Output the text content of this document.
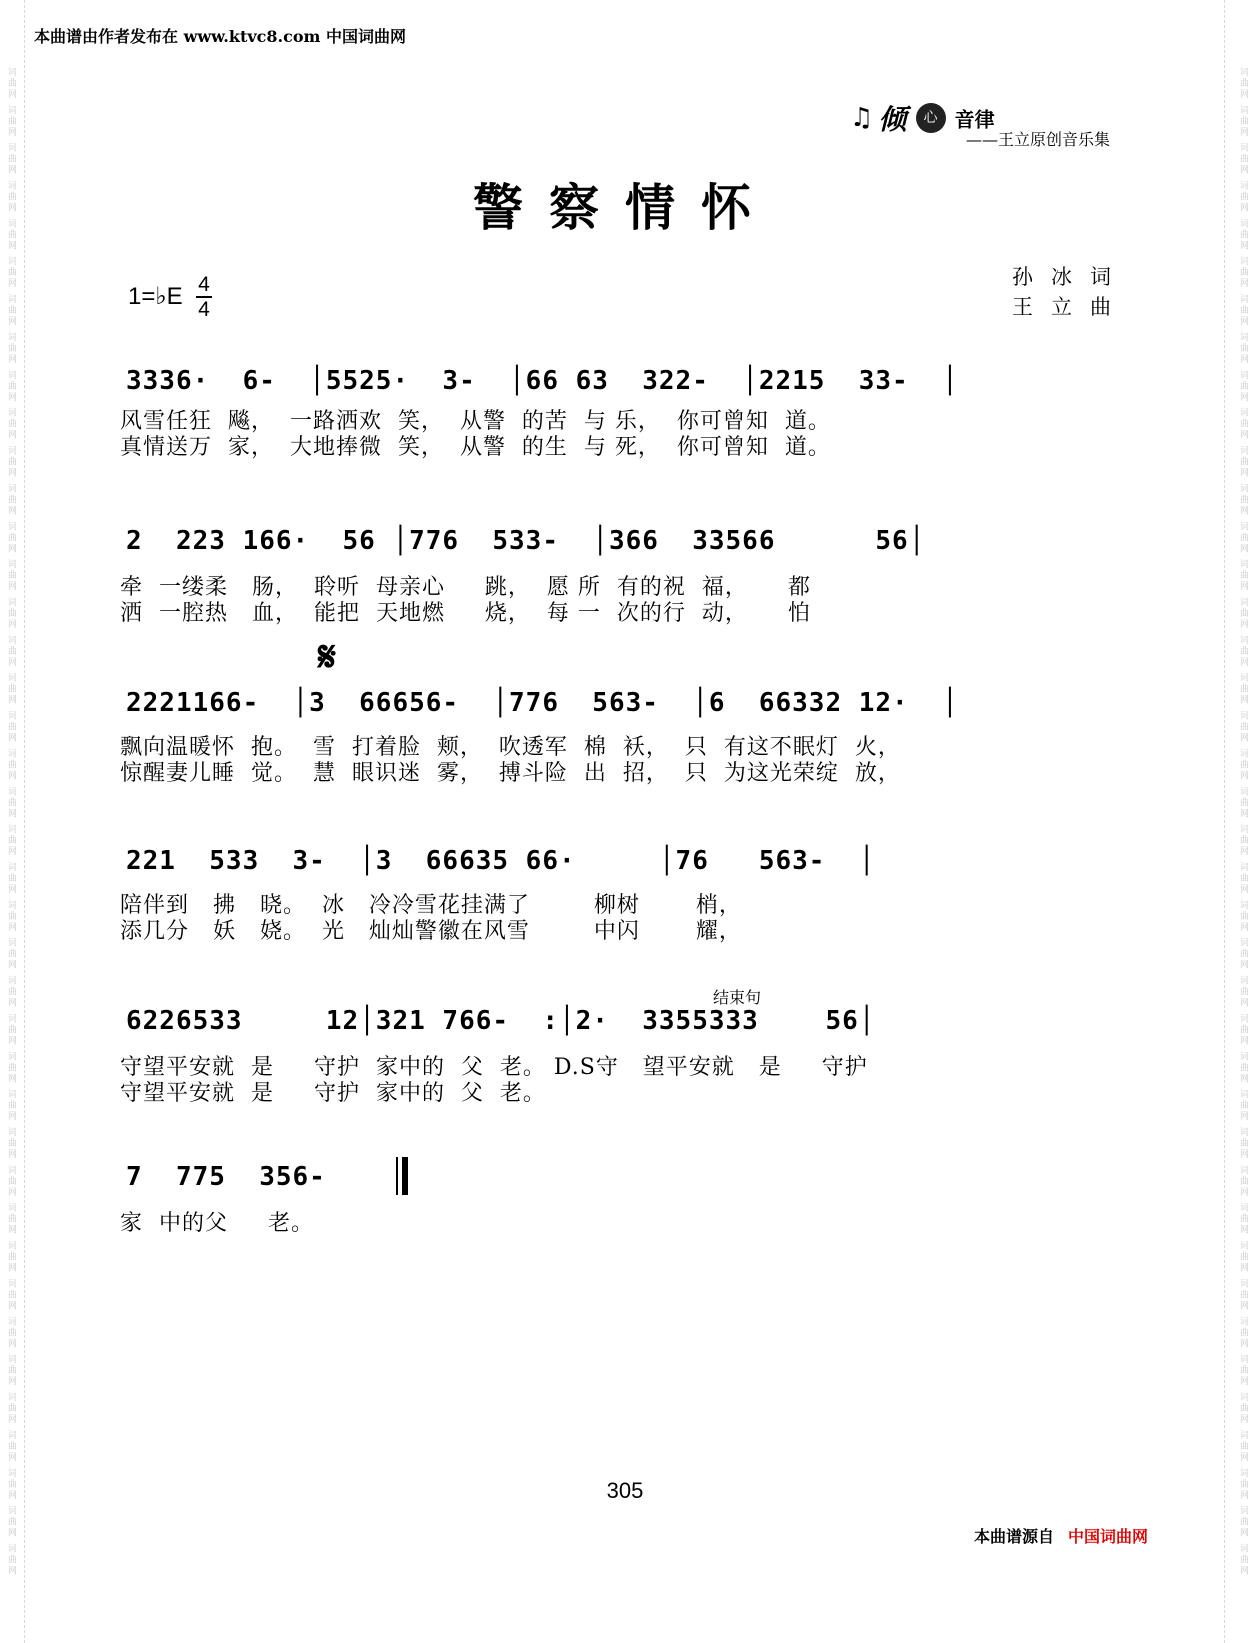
词曲网 词曲网 词曲网 词曲网 词曲网 词曲网 词曲网 词曲网 词曲网 词曲网 词曲网 词曲网 词曲网 词曲网 词曲网 词曲网 词曲网 词曲网 词曲网 词曲网 词曲网 词曲网 词曲网 词曲网 词曲网 词曲网 词曲网 词曲网 词曲网 词曲网 词曲网 词曲网 词曲网 词曲网 词曲网 词曲网 词曲网 词曲网 词曲网 词曲网	词曲网 词曲网 词曲网 词曲网 词曲网 词曲网 词曲网 词曲网 词曲网 词曲网 词曲网 词曲网 词曲网 词曲网 词曲网 词曲网 词曲网 词曲网 词曲网 词曲网 词曲网 词曲网 词曲网 词曲网 词曲网 词曲网 词曲网 词曲网 词曲网 词曲网 词曲网 词曲网 词曲网 词曲网 词曲网 词曲网 词曲网 词曲网 词曲网 词曲网
本曲谱由作者发布在 www.ktvc8.com 中国词曲网
♫ 倾 心 音律
——王立原创音乐集
警察情怀
1=♭E 4
4
孙冰词
王立曲
3336·  6-  │5525·  3-  │66 63  322-  │2215  33-  │
风雪任狂  飚，  一路洒欢  笑，  从警  的苦  与 乐，  你可曾知  道。
真情送万  家，  大地捧微  笑，  从警  的生  与 死，  你可曾知  道。
2  223 166·  56 │776  533-  │366  33566      56│
牵  一缕柔   肠，  聆听  母亲心     跳，  愿 所  有的祝  福，     都
洒  一腔热   血，  能把  天地燃     烧，  每 一  次的行  动，     怕
𝄋
2221166-  │3  66656-  │776  563-  │6  66332 12·  │
飘向温暖怀  抱。  雪  打着脸  颊，  吹透军  棉  袄，  只  有这不眠灯  火，
惊醒妻儿睡  觉。  慧  眼识迷  雾，  搏斗险  出  招，  只  为这光荣绽  放，
221  533  3-  │3  66635 66·     │76   563-  │
陪伴到   拂   晓。  冰   冷冷雪花挂满了        柳树       梢，
添几分   妖   娆。  光   灿灿警徽在风雪        中闪       耀，
结束句
6226533     12│321 766-  :│2·  3355333    56│
守望平安就  是     守护  家中的  父  老。 D.S守   望平安就   是     守护
守望平安就  是     守护  家中的  父  老。
7  775  356-
家  中的父     老。
305
本曲谱源自 中国词曲网
